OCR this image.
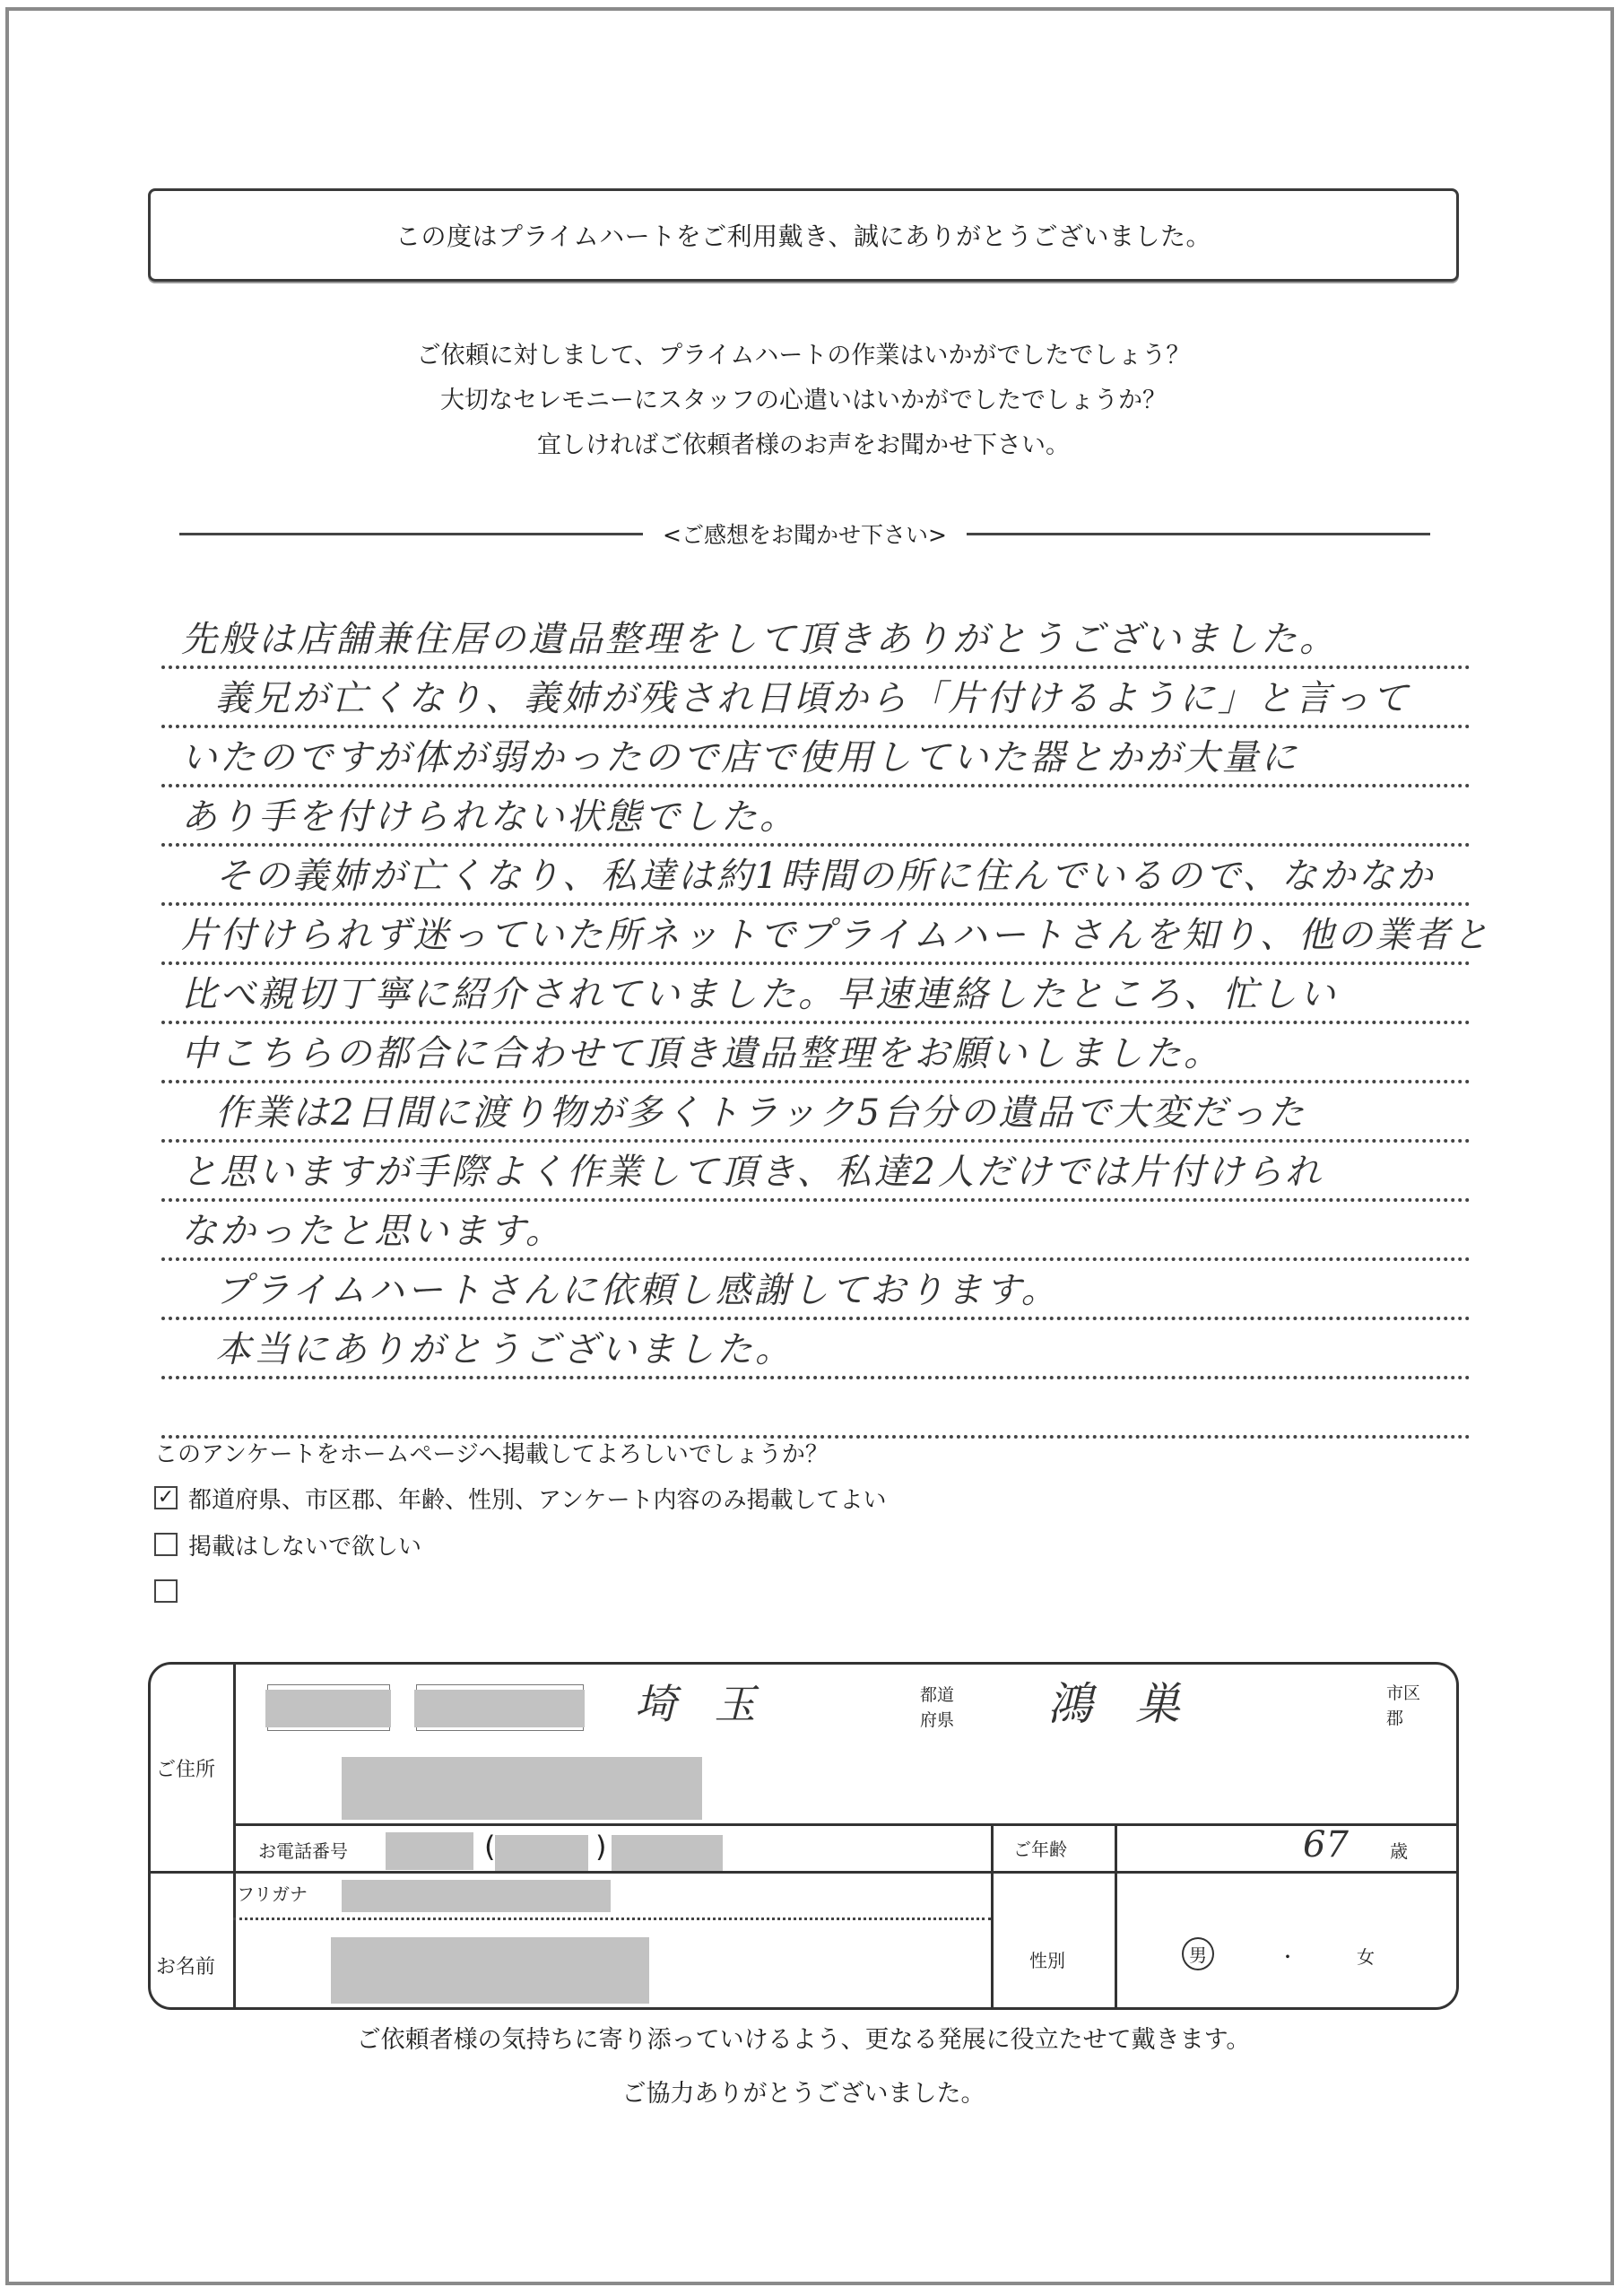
この度はプライムハートをご利用戴き、誠にありがとうございました。
ご依頼に対しまして、プライムハートの作業はいかがでしたでしょう？
大切なセレモニーにスタッフの心遣いはいかがでしたでしょうか？
宜しければご依頼者様のお声をお聞かせ下さい。
<ご感想をお聞かせ下さい>
先般は店舗兼住居の遺品整理をして頂きありがとうございました。
義兄が亡くなり、義姉が残され日頃から「片付けるように」と言って
いたのですが体が弱かったので店で使用していた器とかが大量に
あり手を付けられない状態でした。
その義姉が亡くなり、私達は約1時間の所に住んでいるので、なかなか
片付けられず迷っていた所ネットでプライムハートさんを知り、他の業者と
比べ親切丁寧に紹介されていました。早速連絡したところ、忙しい
中こちらの都合に合わせて頂き遺品整理をお願いしました。
作業は2日間に渡り物が多くトラック5台分の遺品で大変だった
と思いますが手際よく作業して頂き、私達2人だけでは片付けられ
なかったと思います。
プライムハートさんに依頼し感謝しております。
本当にありがとうございました。
このアンケートをホームページへ掲載してよろしいでしょうか？
✓ 都道府県、市区郡、年齢、性別、アンケート内容のみ掲載してよい
掲載はしないで欲しい
ご住所
埼 玉	都道
府県 鴻 巣	市区
郡
お電話番号	(	)	ご年齢	67 歳
フリガナ
お名前	性別	男	・	女
ご依頼者様の気持ちに寄り添っていけるよう、更なる発展に役立たせて戴きます。
ご協力ありがとうございました。
